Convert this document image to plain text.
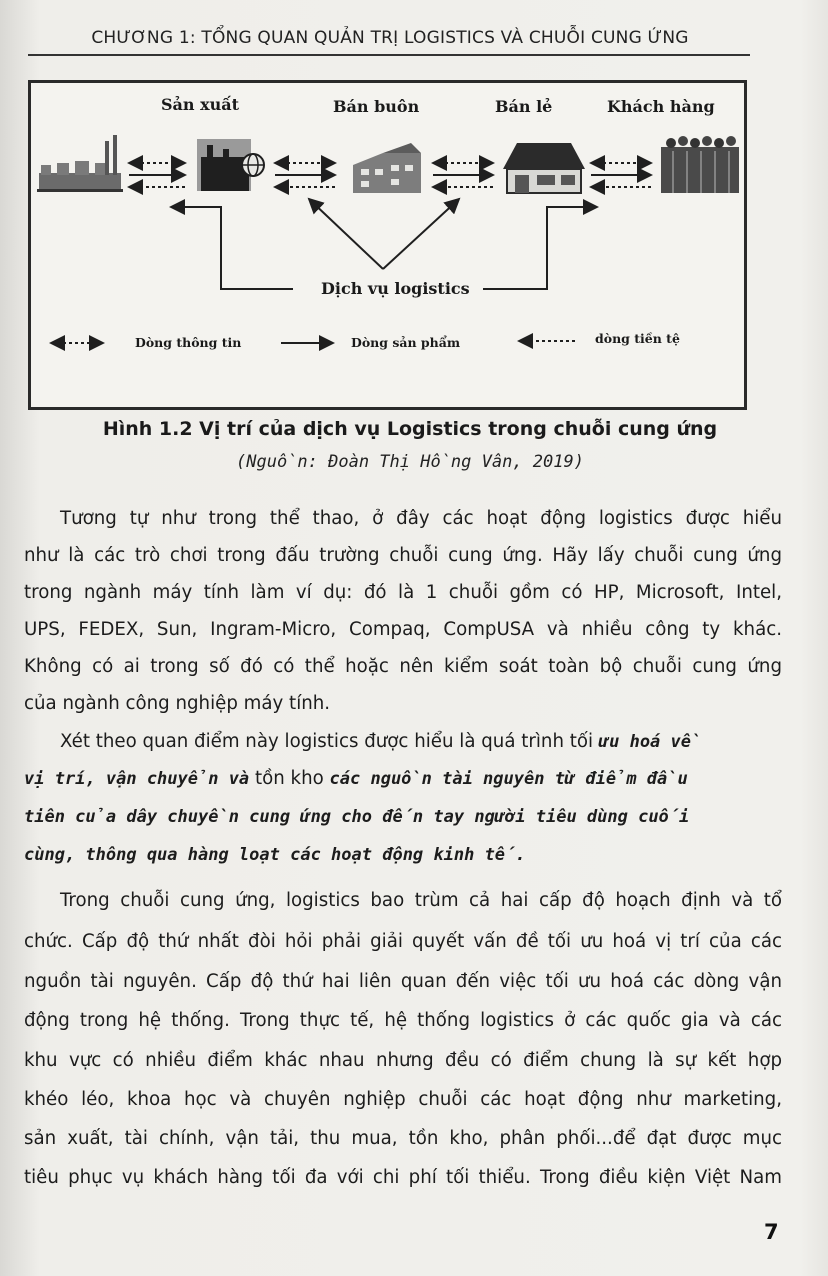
CHƯƠNG 1: TỔNG QUAN QUẢN TRỊ LOGISTICS VÀ CHUỖI CUNG ỨNG
Sản xuất	Bán buôn	Bán lẻ	Khách hàng
Dịch vụ logistics
Dòng thông tin	Dòng sản phẩm	dòng tiền tệ
Hình 1.2 Vị trí của dịch vụ Logistics trong chuỗi cung ứng
(Nguồn: Đoàn Thị Hồng Vân, 2019)
Tương tự như trong thể thao, ở đây các hoạt động logistics được hiểu
như là các trò chơi trong đấu trường chuỗi cung ứng. Hãy lấy chuỗi cung ứng
trong ngành máy tính làm ví dụ: đó là 1 chuỗi gồm có HP, Microsoft, Intel,
UPS, FEDEX, Sun, Ingram-Micro, Compaq, CompUSA và nhiều công ty khác.
Không có ai trong số đó có thể hoặc nên kiểm soát toàn bộ chuỗi cung ứng
của ngành công nghiệp máy tính.
Xét theo quan điểm này logistics được hiểu là quá trình tối ưu hoá về
vị trí, vận chuyển và tồn kho các nguồn tài nguyên từ điểm đầu
tiên của dây chuyền cung ứng cho đến tay người tiêu dùng cuối
cùng, thông qua hàng loạt các hoạt động kinh tế.
Trong chuỗi cung ứng, logistics bao trùm cả hai cấp độ hoạch định và tổ
chức. Cấp độ thứ nhất đòi hỏi phải giải quyết vấn đề tối ưu hoá vị trí của các
nguồn tài nguyên. Cấp độ thứ hai liên quan đến việc tối ưu hoá các dòng vận
động trong hệ thống. Trong thực tế, hệ thống logistics ở các quốc gia và các
khu vực có nhiều điểm khác nhau nhưng đều có điểm chung là sự kết hợp
khéo léo, khoa học và chuyên nghiệp chuỗi các hoạt động như marketing,
sản xuất, tài chính, vận tải, thu mua, tồn kho, phân phối...để đạt được mục
tiêu phục vụ khách hàng tối đa với chi phí tối thiểu. Trong điều kiện Việt Nam
7
